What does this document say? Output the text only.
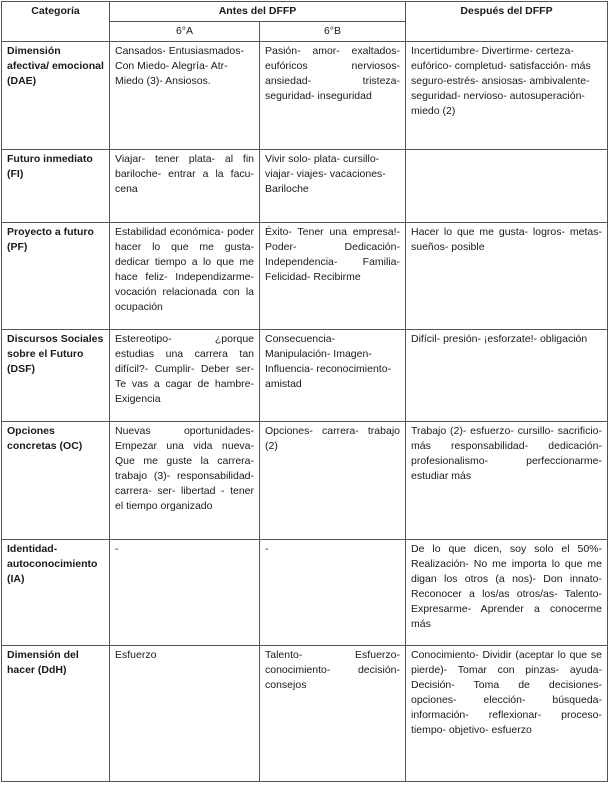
Categoría	Antes del DFFP		Después del DFFP
	6°A	6°B	
Dimensión afectiva/ emocional (DAE)	Cansados- Entusiasmados- Con Miedo- Alegría- Atr- Miedo (3)- Ansiosos.	Pasión- amor- exaltados- eufóricos nerviosos- ansiedad- tristeza- seguridad- inseguridad	Incertidumbre- Divertirme- certeza- eufórico- completud- satisfacción- más seguro-estrés- ansiosas- ambivalente- seguridad- nervioso- autosuperación-miedo (2)
Futuro inmediato (FI)	Viajar- tener plata- al fin bariloche- entrar a la facu- cena	Vivir solo- plata- cursillo- viajar- viajes- vacaciones- Bariloche	
Proyecto a futuro (PF)	Estabilidad económica- poder hacer lo que me gusta- dedicar tiempo a lo que me hace feliz- Independizarme- vocación relacionada con la ocupación	Éxito- Tener una empresa!- Poder- Dedicación- Independencia- Familia- Felicidad- Recibirme	Hacer lo que me gusta- logros- metas- sueños- posible
Discursos Sociales sobre el Futuro (DSF)	Estereotipo- ¿porque estudias una carrera tan difícil?- Cumplir- Deber ser- Te vas a cagar de hambre- Exigencia	Consecuencia- Manipulación- Imagen- Influencia- reconocimiento- amistad	Difícil- presión- ¡esforzate!- obligación
Opciones concretas (OC)	Nuevas oportunidades- Empezar una vida nueva- Que me guste la carrera- trabajo (3)- responsabilidad- carrera- ser- libertad - tener el tiempo organizado	Opciones- carrera- trabajo (2)	Trabajo (2)- esfuerzo- cursillo- sacrificio- más responsabilidad- dedicación- profesionalismo- perfeccionarme- estudiar más
Identidad- autoconocimiento (IA)	-	-	De lo que dicen, soy solo el 50%- Realización- No me importa lo que me digan los otros (a nos)- Don innato- Reconocer a los/as otros/as- Talento- Expresarme- Aprender a conocerme más
Dimensión del hacer (DdH)	Esfuerzo	Talento- Esfuerzo- conocimiento- decisión- consejos	Conocimiento- Dividir (aceptar lo que se pierde)- Tomar con pinzas- ayuda- Decisión- Toma de decisiones- opciones- elección- búsqueda- información- reflexionar- proceso- tiempo- objetivo- esfuerzo
